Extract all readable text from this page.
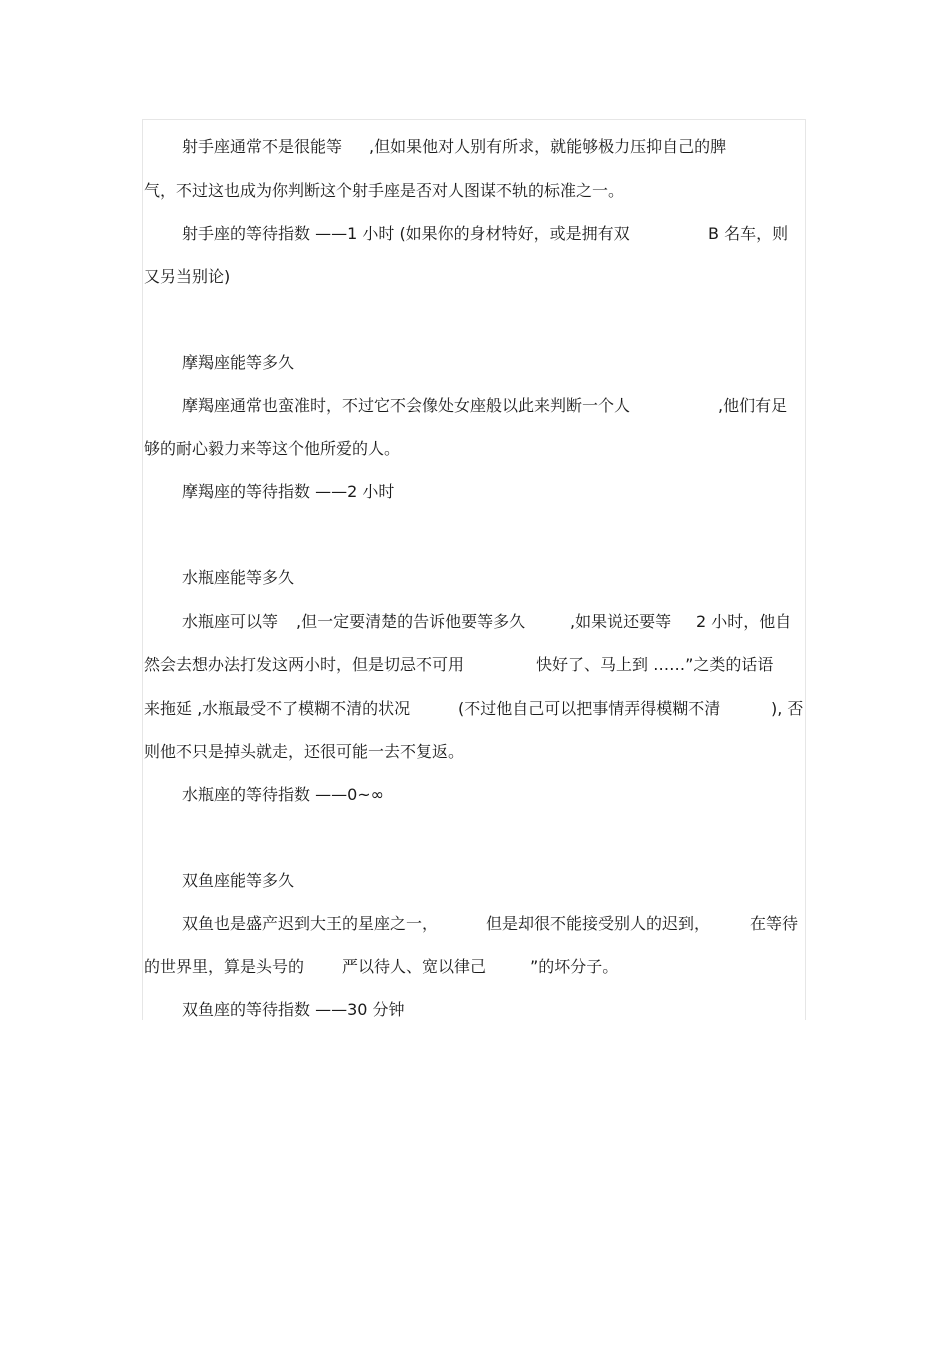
射手座通常不是很能等 ,但如果他对人别有所求，就能够极力压抑自己的脾
气，不过这也成为你判断这个射手座是否对人图谋不轨的标准之一。
射手座的等待指数 ——1 小时 (如果你的身材特好，或是拥有双	B 名车，则
又另当别论)
摩羯座能等多久
摩羯座通常也蛮准时，不过它不会像处女座般以此来判断一个人	,他们有足
够的耐心毅力来等这个他所爱的人。
摩羯座的等待指数 ——2 小时
水瓶座能等多久
水瓶座可以等 ,但一定要清楚的告诉他要等多久	,如果说还要等 2 小时，他自
然会去想办法打发这两小时，但是切忌不可用	快好了、马上到 ……”之类的话语
来拖延 ,水瓶最受不了模糊不清的状况	(不过他自己可以把事情弄得模糊不清	), 否
则他不只是掉头就走，还很可能一去不复返。
水瓶座的等待指数 ——0~∞
双鱼座能等多久
双鱼也是盛产迟到大王的星座之一，	但是却很不能接受别人的迟到， 在等待
的世界里，算是头号的 严以待人、宽以律己	”的坏分子。
双鱼座的等待指数 ——30 分钟
